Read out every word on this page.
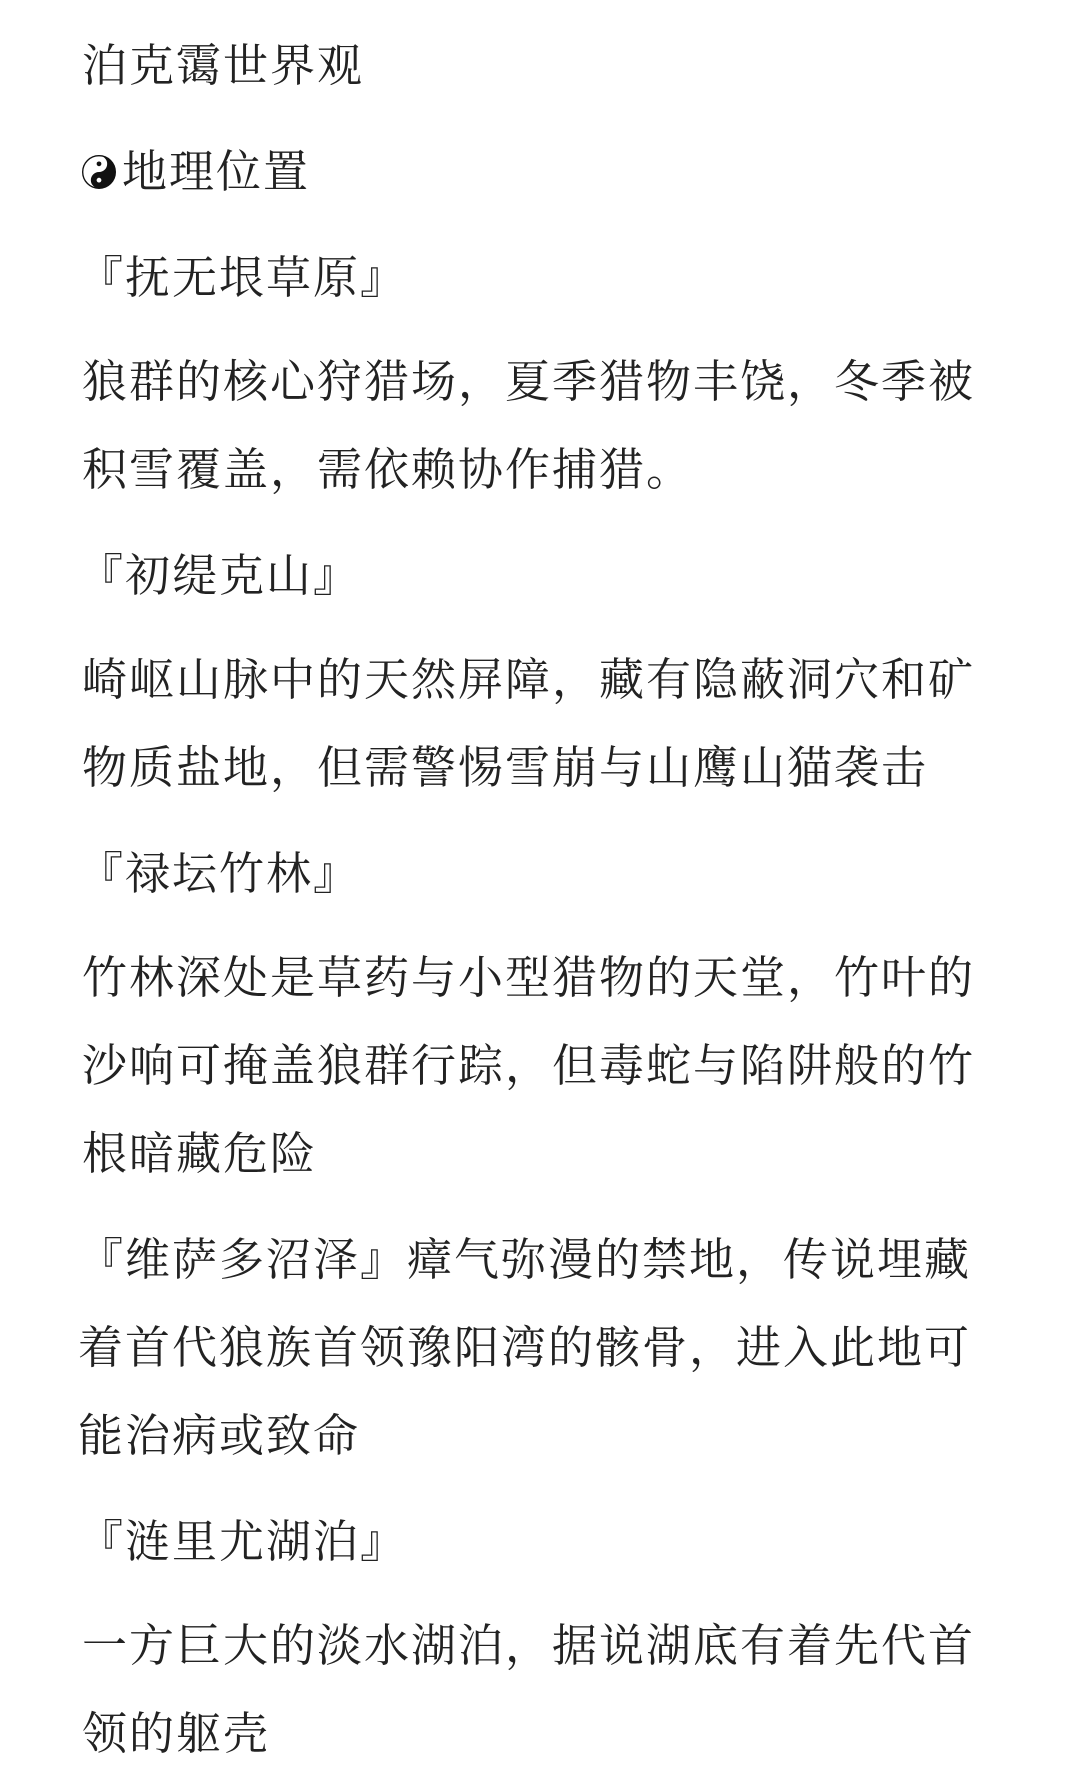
泊克霭世界观

地理位置

『抚无垠草原』

狼群的核心狩猎场，夏季猎物丰饶，冬季被积雪覆盖，需依赖协作捕猎。

『初缇克山』

崎岖山脉中的天然屏障，藏有隐蔽洞穴和矿物质盐地，但需警惕雪崩与山鹰山猫袭击

『禄坛竹林』

竹林深处是草药与小型猎物的天堂，竹叶的沙响可掩盖狼群行踪，但毒蛇与陷阱般的竹根暗藏危险

『维萨多沼泽』瘴气弥漫的禁地，传说埋藏着首代狼族首领豫阳湾的骸骨，进入此地可能治病或致命

『涟里尤湖泊』

一方巨大的淡水湖泊，据说湖底有着先代首领的躯壳
